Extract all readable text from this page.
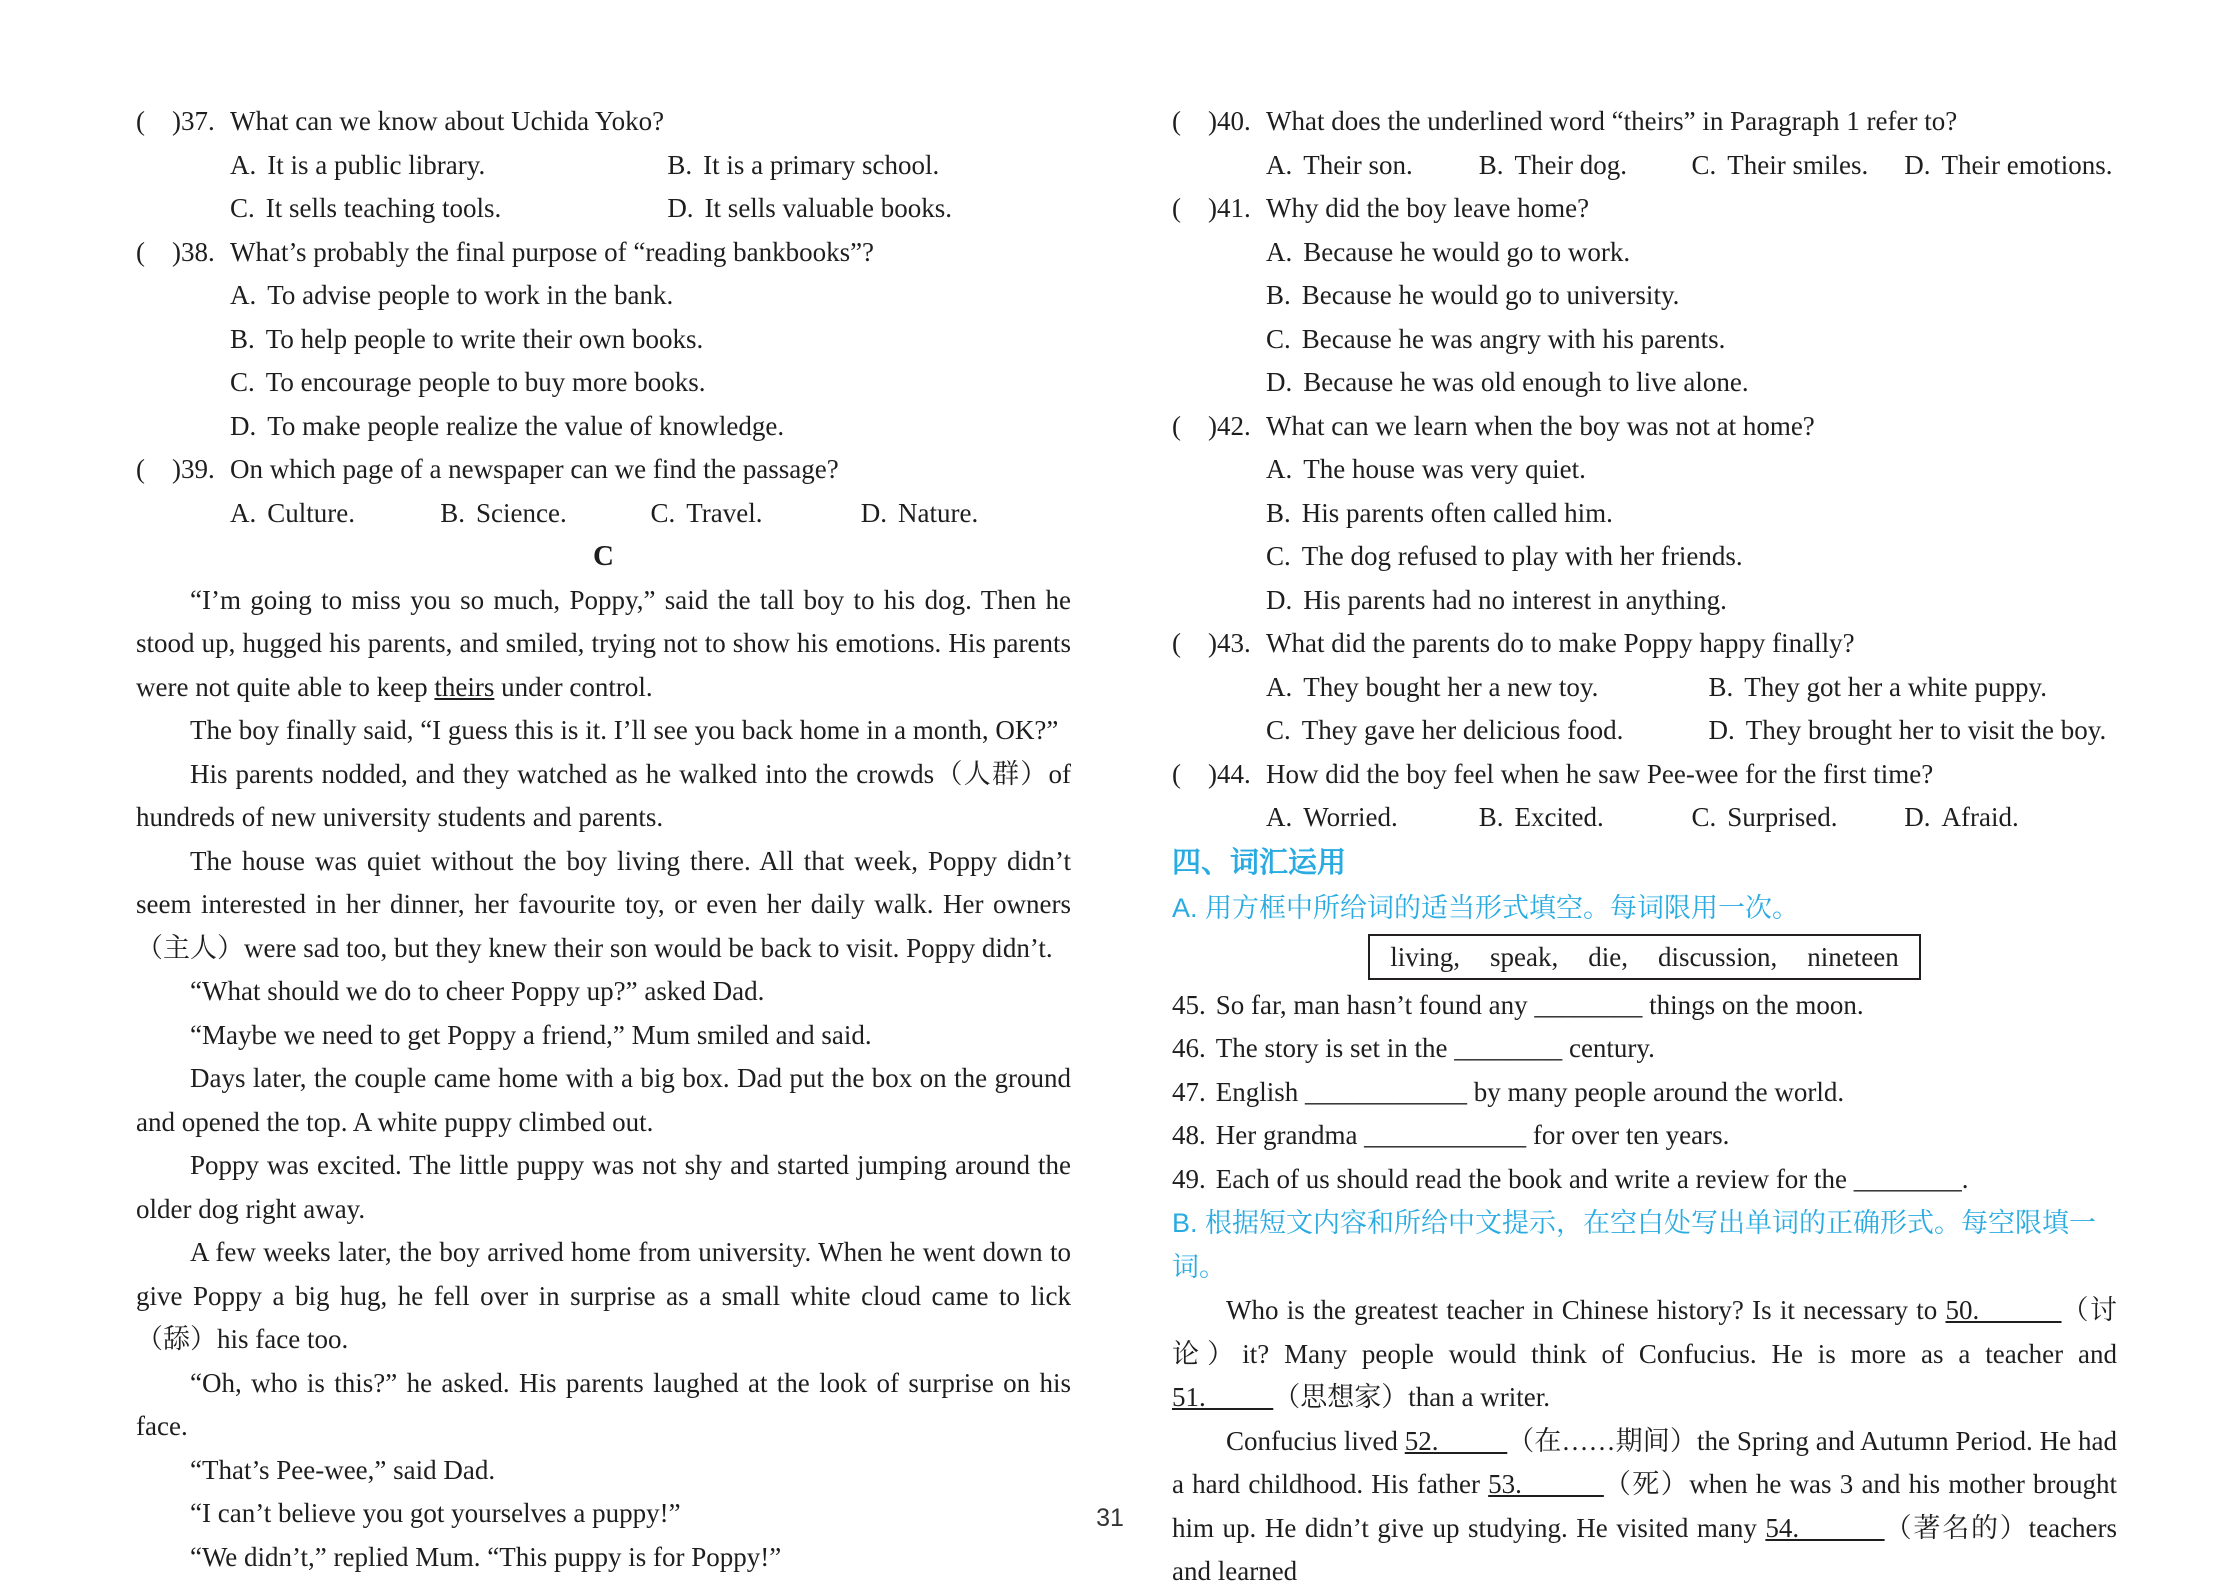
(    )37. What can we know about Uchida Yoko?
A. It is a public library.	B. It is a primary school.
C. It sells teaching tools.	D. It sells valuable books.
(    )38. What’s probably the final purpose of “reading bankbooks”?
A. To advise people to work in the bank.
B. To help people to write their own books.
C. To encourage people to buy more books.
D. To make people realize the value of knowledge.
(    )39. On which page of a newspaper can we find the passage?
A. Culture.	B. Science.	C. Travel.	D. Nature.
C

“I’m going to miss you so much, Poppy,” said the tall boy to his dog. Then he stood up, hugged his parents, and smiled, trying not to show his emotions. His parents were not quite able to keep theirs under control.

The boy finally said, “I guess this is it. I’ll see you back home in a month, OK?”

His parents nodded, and they watched as he walked into the crowds（人群）of hundreds of new university students and parents.

The house was quiet without the boy living there. All that week, Poppy didn’t seem interested in her dinner, her favourite toy, or even her daily walk. Her owners（主人）were sad too, but they knew their son would be back to visit. Poppy didn’t.

“What should we do to cheer Poppy up?” asked Dad.

“Maybe we need to get Poppy a friend,” Mum smiled and said.

Days later, the couple came home with a big box. Dad put the box on the ground and opened the top. A white puppy climbed out.

Poppy was excited. The little puppy was not shy and started jumping around the older dog right away.

A few weeks later, the boy arrived home from university. When he went down to give Poppy a big hug, he fell over in surprise as a small white cloud came to lick（舔）his face too.

“Oh, who is this?” he asked. His parents laughed at the look of surprise on his face.

“That’s Pee-wee,” said Dad.

“I can’t believe you got yourselves a puppy!”

“We didn’t,” replied Mum. “This puppy is for Poppy!”

(    )40. What does the underlined word “theirs” in Paragraph 1 refer to?
A. Their son.	B. Their dog.	C. Their smiles.	D. Their emotions.
(    )41. Why did the boy leave home?
A. Because he would go to work.
B. Because he would go to university.
C. Because he was angry with his parents.
D. Because he was old enough to live alone.
(    )42. What can we learn when the boy was not at home?
A. The house was very quiet.
B. His parents often called him.
C. The dog refused to play with her friends.
D. His parents had no interest in anything.
(    )43. What did the parents do to make Poppy happy finally?
A. They bought her a new toy.	B. They got her a white puppy.
C. They gave her delicious food.	D. They brought her to visit the boy.
(    )44. How did the boy feel when he saw Pee-wee for the first time?
A. Worried.	B. Excited.	C. Surprised.	D. Afraid.
四、词汇运用
A. 用方框中所给词的适当形式填空。每词限用一次。
living, speak, die, discussion, nineteen
45. So far, man hasn’t found any ________ things on the moon.
46. The story is set in the ________ century.
47. English ____________ by many people around the world.
48. Her grandma ____________ for over ten years.
49. Each of us should read the book and write a review for the ________.
B. 根据短文内容和所给中文提示，在空白处写出单词的正确形式。每空限填一词。

Who is the greatest teacher in Chinese history? Is it necessary to 50.          （讨论）it? Many people would think of Confucius. He is more as a teacher and 51.          （思想家）than a writer.

Confucius lived 52.          （在……期间）the Spring and Autumn Period. He had a hard childhood. His father 53.          （死）when he was 3 and his mother brought him up. He didn’t give up studying. He visited many 54.          （著名的）teachers and learned

31
